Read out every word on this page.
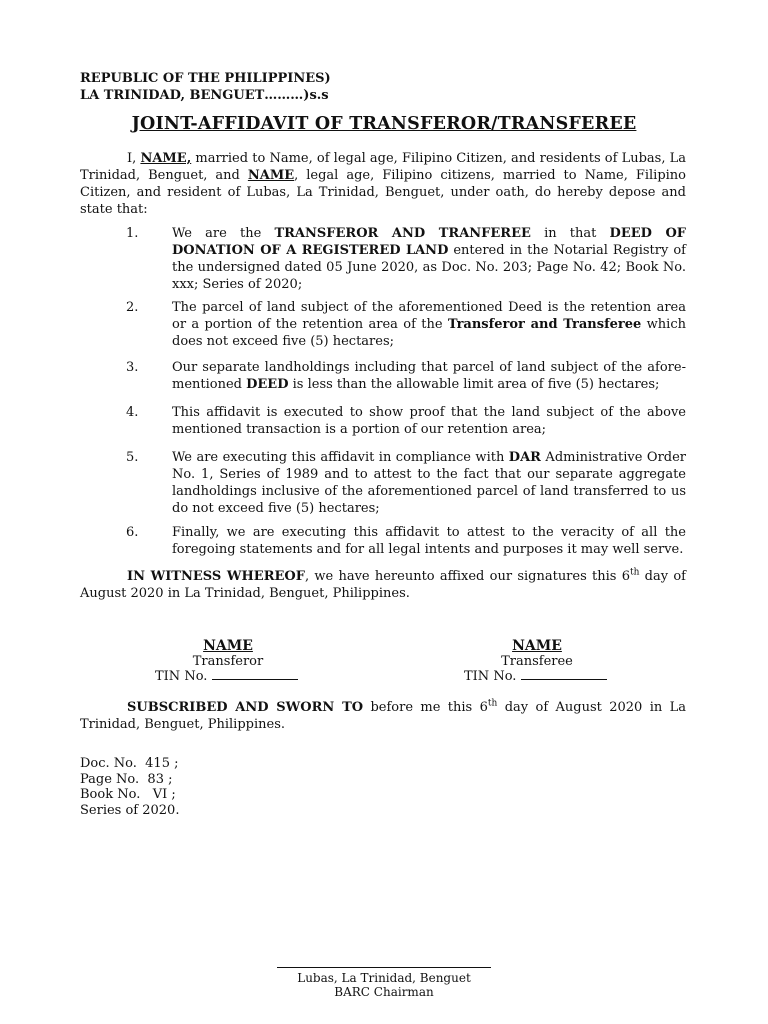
REPUBLIC OF THE PHILIPPINES)
LA TRINIDAD, BENGUET………)s.s
JOINT-AFFIDAVIT OF TRANSFEROR/TRANSFEREE

I, NAME, married to Name, of legal age, Filipino Citizen, and residents of Lubas, La Trinidad, Benguet, and NAME, legal age, Filipino citizens, married to Name, Filipino Citizen, and resident of Lubas, La Trinidad, Benguet, under oath, do hereby depose and state that:

1.	We are the TRANSFEROR AND TRANFEREE in that DEED OF DONATION OF A REGISTERED LAND entered in the Notarial Registry of the undersigned dated 05 June 2020, as Doc. No. 203; Page No. 42; Book No. xxx; Series of 2020;
2.	The parcel of land subject of the aforementioned Deed is the retention area or a portion of the retention area of the Transferor and Transferee which does not exceed five (5) hectares;
3.	Our separate landholdings including that parcel of land subject of the afore-mentioned DEED is less than the allowable limit area of five (5) hectares;
4.	This affidavit is executed to show proof that the land subject of the above mentioned transaction is a portion of our retention area;
5.	We are executing this affidavit in compliance with DAR Administrative Order No. 1, Series of 1989 and to attest to the fact that our separate aggregate landholdings inclusive of the aforementioned parcel of land transferred to us do not exceed five (5) hectares;
6.	Finally, we are executing this affidavit to attest to the veracity of all the foregoing statements and for all legal intents and purposes it may well serve.

IN WITNESS WHEREOF, we have hereunto affixed our signatures this 6th day of August 2020 in La Trinidad, Benguet, Philippines.

NAME
Transferor
TIN No.
NAME
Transferee
TIN No.

SUBSCRIBED AND SWORN TO before me this 6th day of August 2020 in La Trinidad, Benguet, Philippines.

Doc. No.  415 ;
Page No.  83 ;
Book No.   VI ;
Series of 2020.
Lubas, La Trinidad, Benguet
BARC Chairman
